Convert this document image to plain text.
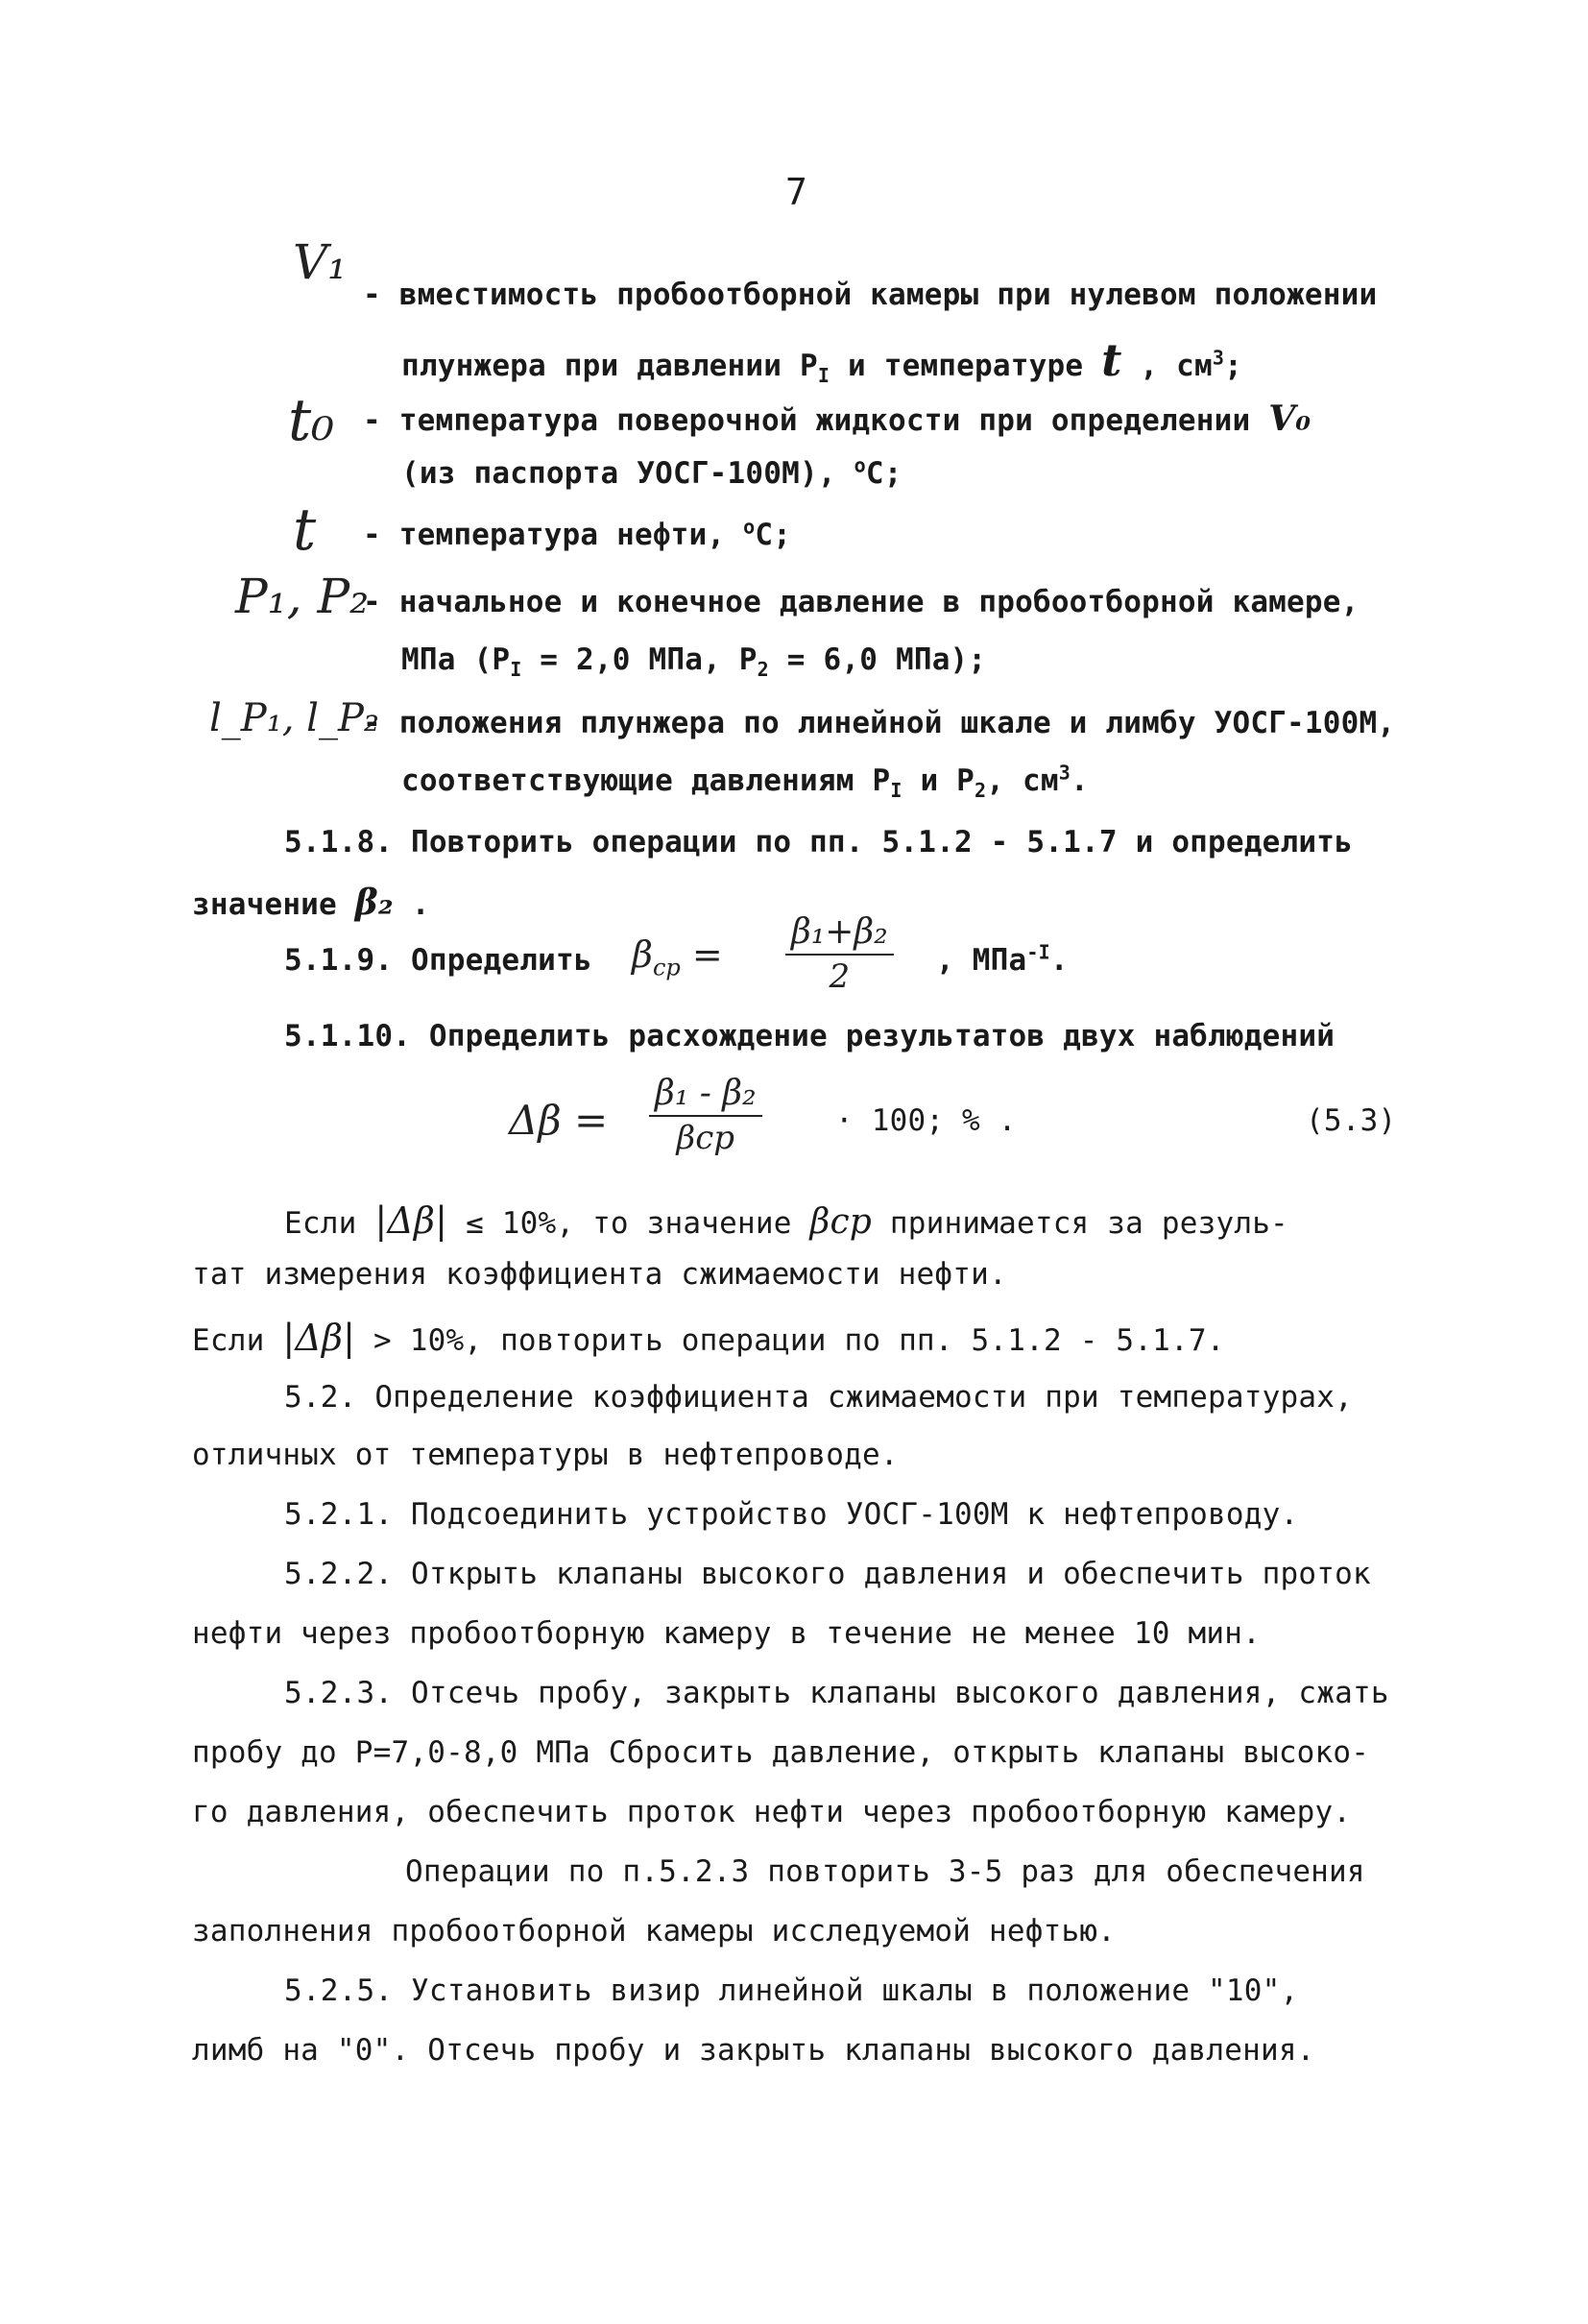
7
V₁
- вместимость пробоотборной камеры при нулевом положении
плунжера при давлении $P_I$ и температуре t , $см^3$;
t₀ - температура поверочной жидкости при определении V₀
(из паспорта УОСГ-100М), $^o$С;
t - температура нефти, $^o$С;
P₁, P₂
- начальное и конечное давление в пробоотборной камере,
МПа ($P_I = 2,0$ МПа, $P_2 = 6,0$ МПа);
l_P₁, l_P₂
- положения плунжера по линейной шкале и лимбу УОСГ-100М,
соответствующие давлениям $P_I$ и $P_2$, $см^3$.
5.1.8. Повторить операции по пп. 5.1.2 - 5.1.7 и определить
значение β₂ .
5.1.9. Определить $\beta_{ср}$ =
β₁+β₂
2	, МПа$^{-I}$.
5.1.10. Определить расхождение результатов двух наблюдений
Δβ =
β₁ - β₂
βср	· 100; % .	(5.3)
Если |Δβ| ≤ 10%, то значение βср принимается за резуль-
тат измерения коэффициента сжимаемости нефти.
Если |Δβ| > 10%, повторить операции по пп. 5.1.2 - 5.1.7.
5.2. Определение коэффициента сжимаемости при температурах,
отличных от температуры в нефтепроводе.
5.2.1. Подсоединить устройство УОСГ-100М к нефтепроводу.
5.2.2. Открыть клапаны высокого давления и обеспечить проток
нефти через пробоотборную камеру в течение не менее 10 мин.
5.2.3. Отсечь пробу, закрыть клапаны высокого давления, сжать
пробу до P=7,0-8,0 МПа Сбросить давление, открыть клапаны высоко-
го давления, обеспечить проток нефти через пробоотборную камеру.
Операции по п.5.2.3 повторить 3-5 раз для обеспечения
заполнения пробоотборной камеры исследуемой нефтью.
5.2.5. Установить визир линейной шкалы в положение "10",
лимб на "0". Отсечь пробу и закрыть клапаны высокого давления.
